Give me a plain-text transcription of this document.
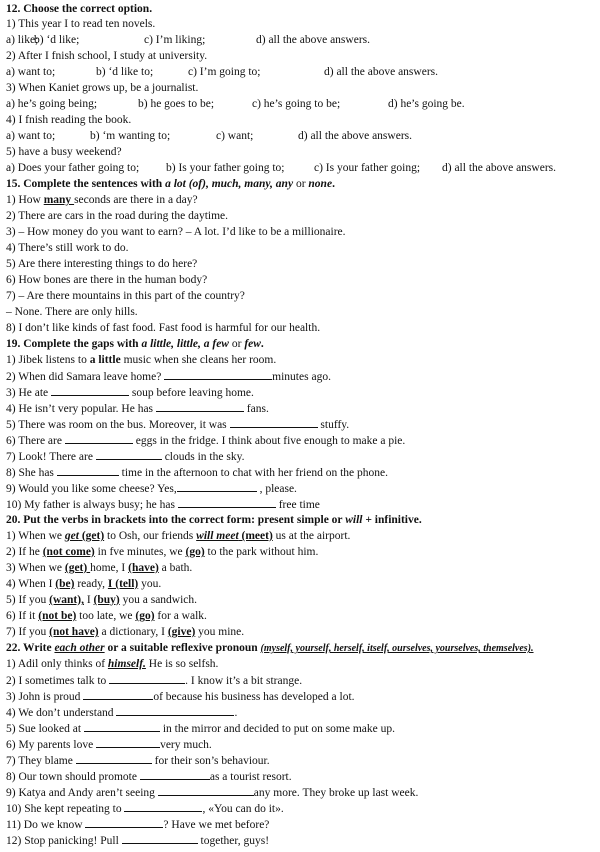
12. Choose the correct option.
1) This year I to read ten novels.
a) like;
b) ‘d like;	c) I’m liking;	d) all the above answers.
2) After I fnish school, I study at university.
a) want to;	b) ‘d like to;	c) I’m going to;	d) all the above answers.
3) When Kaniet grows up, be a journalist.
a) he’s going being;	b) he goes to be;	c) he’s going to be;	d) he’s going be.
4) I fnish reading the book.
a) want to;	b) ‘m wanting to;	c) want;	d) all the above answers.
5) have a busy weekend?
a) Does your father going to; b) Is your father going to;	c) Is your father going; d) all the above answers.
15. Complete the sentences with a lot (of), much, many, any or none.
1) How many seconds are there in a day?
2) There are cars in the road during the daytime.
3) – How money do you want to earn? – A lot. I’d like to be a millionaire.
4) There’s still work to do.
5) Are there interesting things to do here?
6) How bones are there in the human body?
7) – Are there mountains in this part of the country?
– None. There are only hills.
8) I don’t like kinds of fast food. Fast food is harmful for our health.
19. Complete the gaps with a little, little, a few or few.
1) Jibek listens to a little music when she cleans her room.
2) When did Samara leave home?	minutes ago.
3) He ate	soup before leaving home.
4) He isn’t very popular. He has	fans.
5) There was room on the bus. Moreover, it was	stuffy.
6) There are	eggs in the fridge. I think about five enough to make a pie.
7) Look! There are	clouds in the sky.
8) She has	time in the afternoon to chat with her friend on the phone.
9) Would you like some cheese? Yes,	, please.
10) My father is always busy; he has	free time
20. Put the verbs in brackets into the correct form: present simple or will + infinitive.
1) When we get (get) to Osh, our friends will meet (meet) us at the airport.
2) If he (not come) in fve minutes, we (go) to the park without him.
3) When we (get) home, I (have) a bath.
4) When I (be) ready, I (tell) you.
5) If you (want), I (buy) you a sandwich.
6) If it (not be) too late, we (go) for a walk.
7) If you (not have) a dictionary, I (give) you mine.
22. Write each other or a suitable reflexive pronoun (myself, yourself, herself, itself, ourselves, yourselves, themselves).
1) Adil only thinks of himself. He is so selfsh.
2) I sometimes talk to	. I know it’s a bit strange.
3) John is proud	of because his business has developed a lot.
4) We don’t understand	.
5) Sue looked at	in the mirror and decided to put on some make up.
6) My parents love	very much.
7) They blame	for their son’s behaviour.
8) Our town should promote	as a tourist resort.
9) Katya and Andy aren’t seeing	any more. They broke up last week.
10) She kept repeating to	, «You can do it».
11) Do we know	? Have we met before?
12) Stop panicking! Pull	together, guys!
